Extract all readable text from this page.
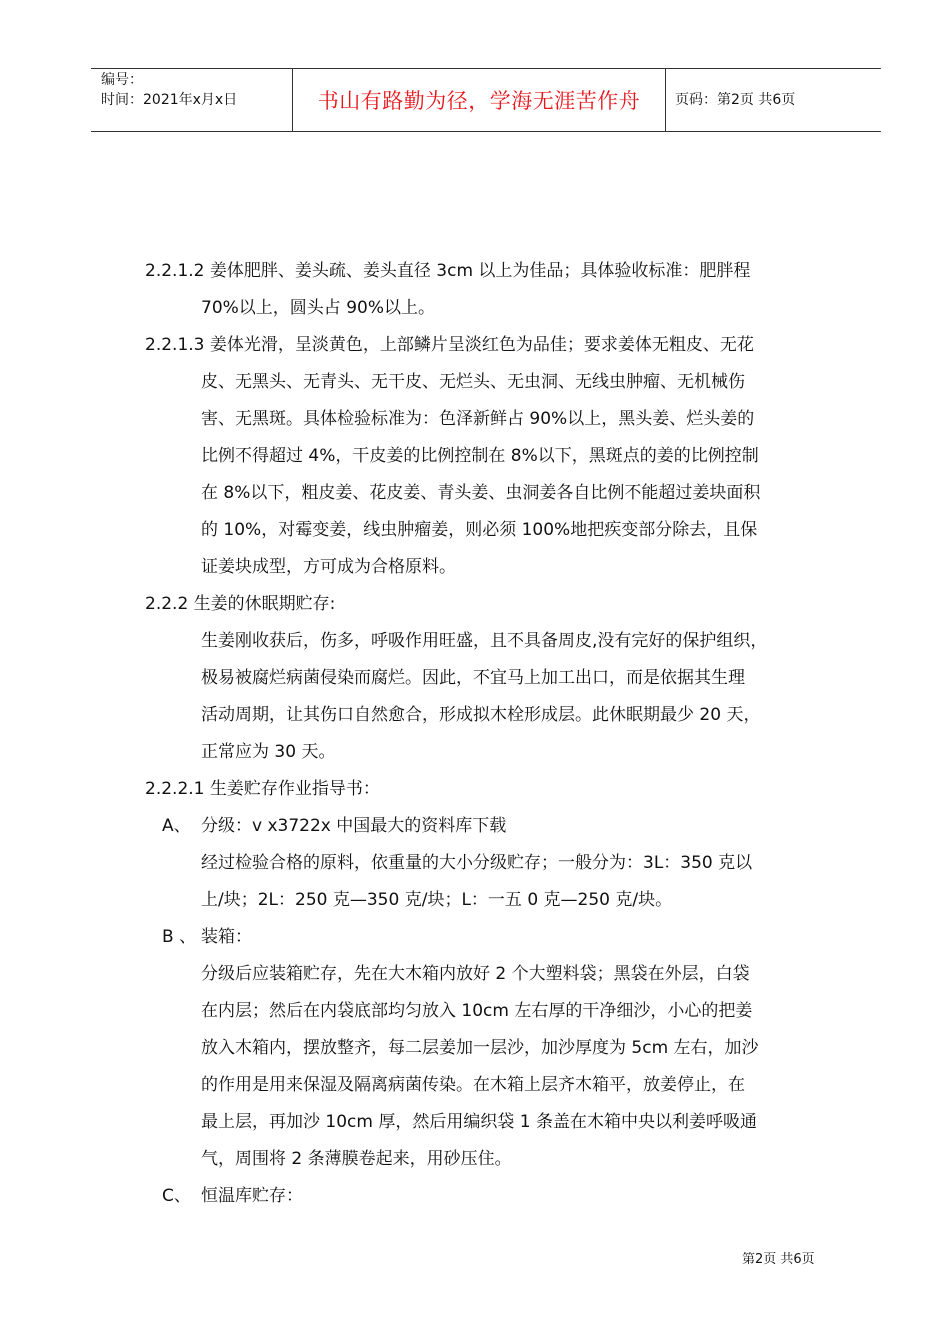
编号：
时间：2021年x月x日	书山有路勤为径，学海无涯苦作舟	页码：第2页 共6页
2.2.1.2 姜体肥胖、姜头疏、姜头直径 3cm 以上为佳品；具体验收标准：肥胖程
70%以上，圆头占 90%以上。
2.2.1.3 姜体光滑，呈淡黄色，上部鳞片呈淡红色为品佳；要求姜体无粗皮、无花
皮、无黑头、无青头、无干皮、无烂头、无虫洞、无线虫肿瘤、无机械伤
害、无黑斑。具体检验标准为：色泽新鲜占 90%以上，黑头姜、烂头姜的
比例不得超过 4%，干皮姜的比例控制在 8%以下，黑斑点的姜的比例控制
在 8%以下，粗皮姜、花皮姜、青头姜、虫洞姜各自比例不能超过姜块面积
的 10%，对霉变姜，线虫肿瘤姜，则必须 100%地把疾变部分除去，且保
证姜块成型，方可成为合格原料。
2.2.2 生姜的休眠期贮存:
生姜刚收获后，伤多，呼吸作用旺盛，且不具备周皮,没有完好的保护组织，
极易被腐烂病菌侵染而腐烂。因此，不宜马上加工出口，而是依据其生理
活动周期，让其伤口自然愈合，形成拟木栓形成层。此休眠期最少 20 天，
正常应为 30 天。
2.2.2.1 生姜贮存作业指导书：
A、 分级：v x3722x 中国最大的资料库下载
经过检验合格的原料，依重量的大小分级贮存；一般分为：3L：350 克以
上/块；2L：250 克—350 克/块；L：一五 0 克—250 克/块。
B 、 装箱：
分级后应装箱贮存，先在大木箱内放好 2 个大塑料袋；黑袋在外层，白袋
在内层；然后在内袋底部均匀放入 10cm 左右厚的干净细沙，小心的把姜
放入木箱内，摆放整齐，每二层姜加一层沙，加沙厚度为 5cm 左右，加沙
的作用是用来保湿及隔离病菌传染。在木箱上层齐木箱平，放姜停止，在
最上层，再加沙 10cm 厚，然后用编织袋 1 条盖在木箱中央以利姜呼吸通
气，周围将 2 条薄膜卷起来，用砂压住。
C、 恒温库贮存：
第2页 共6页
